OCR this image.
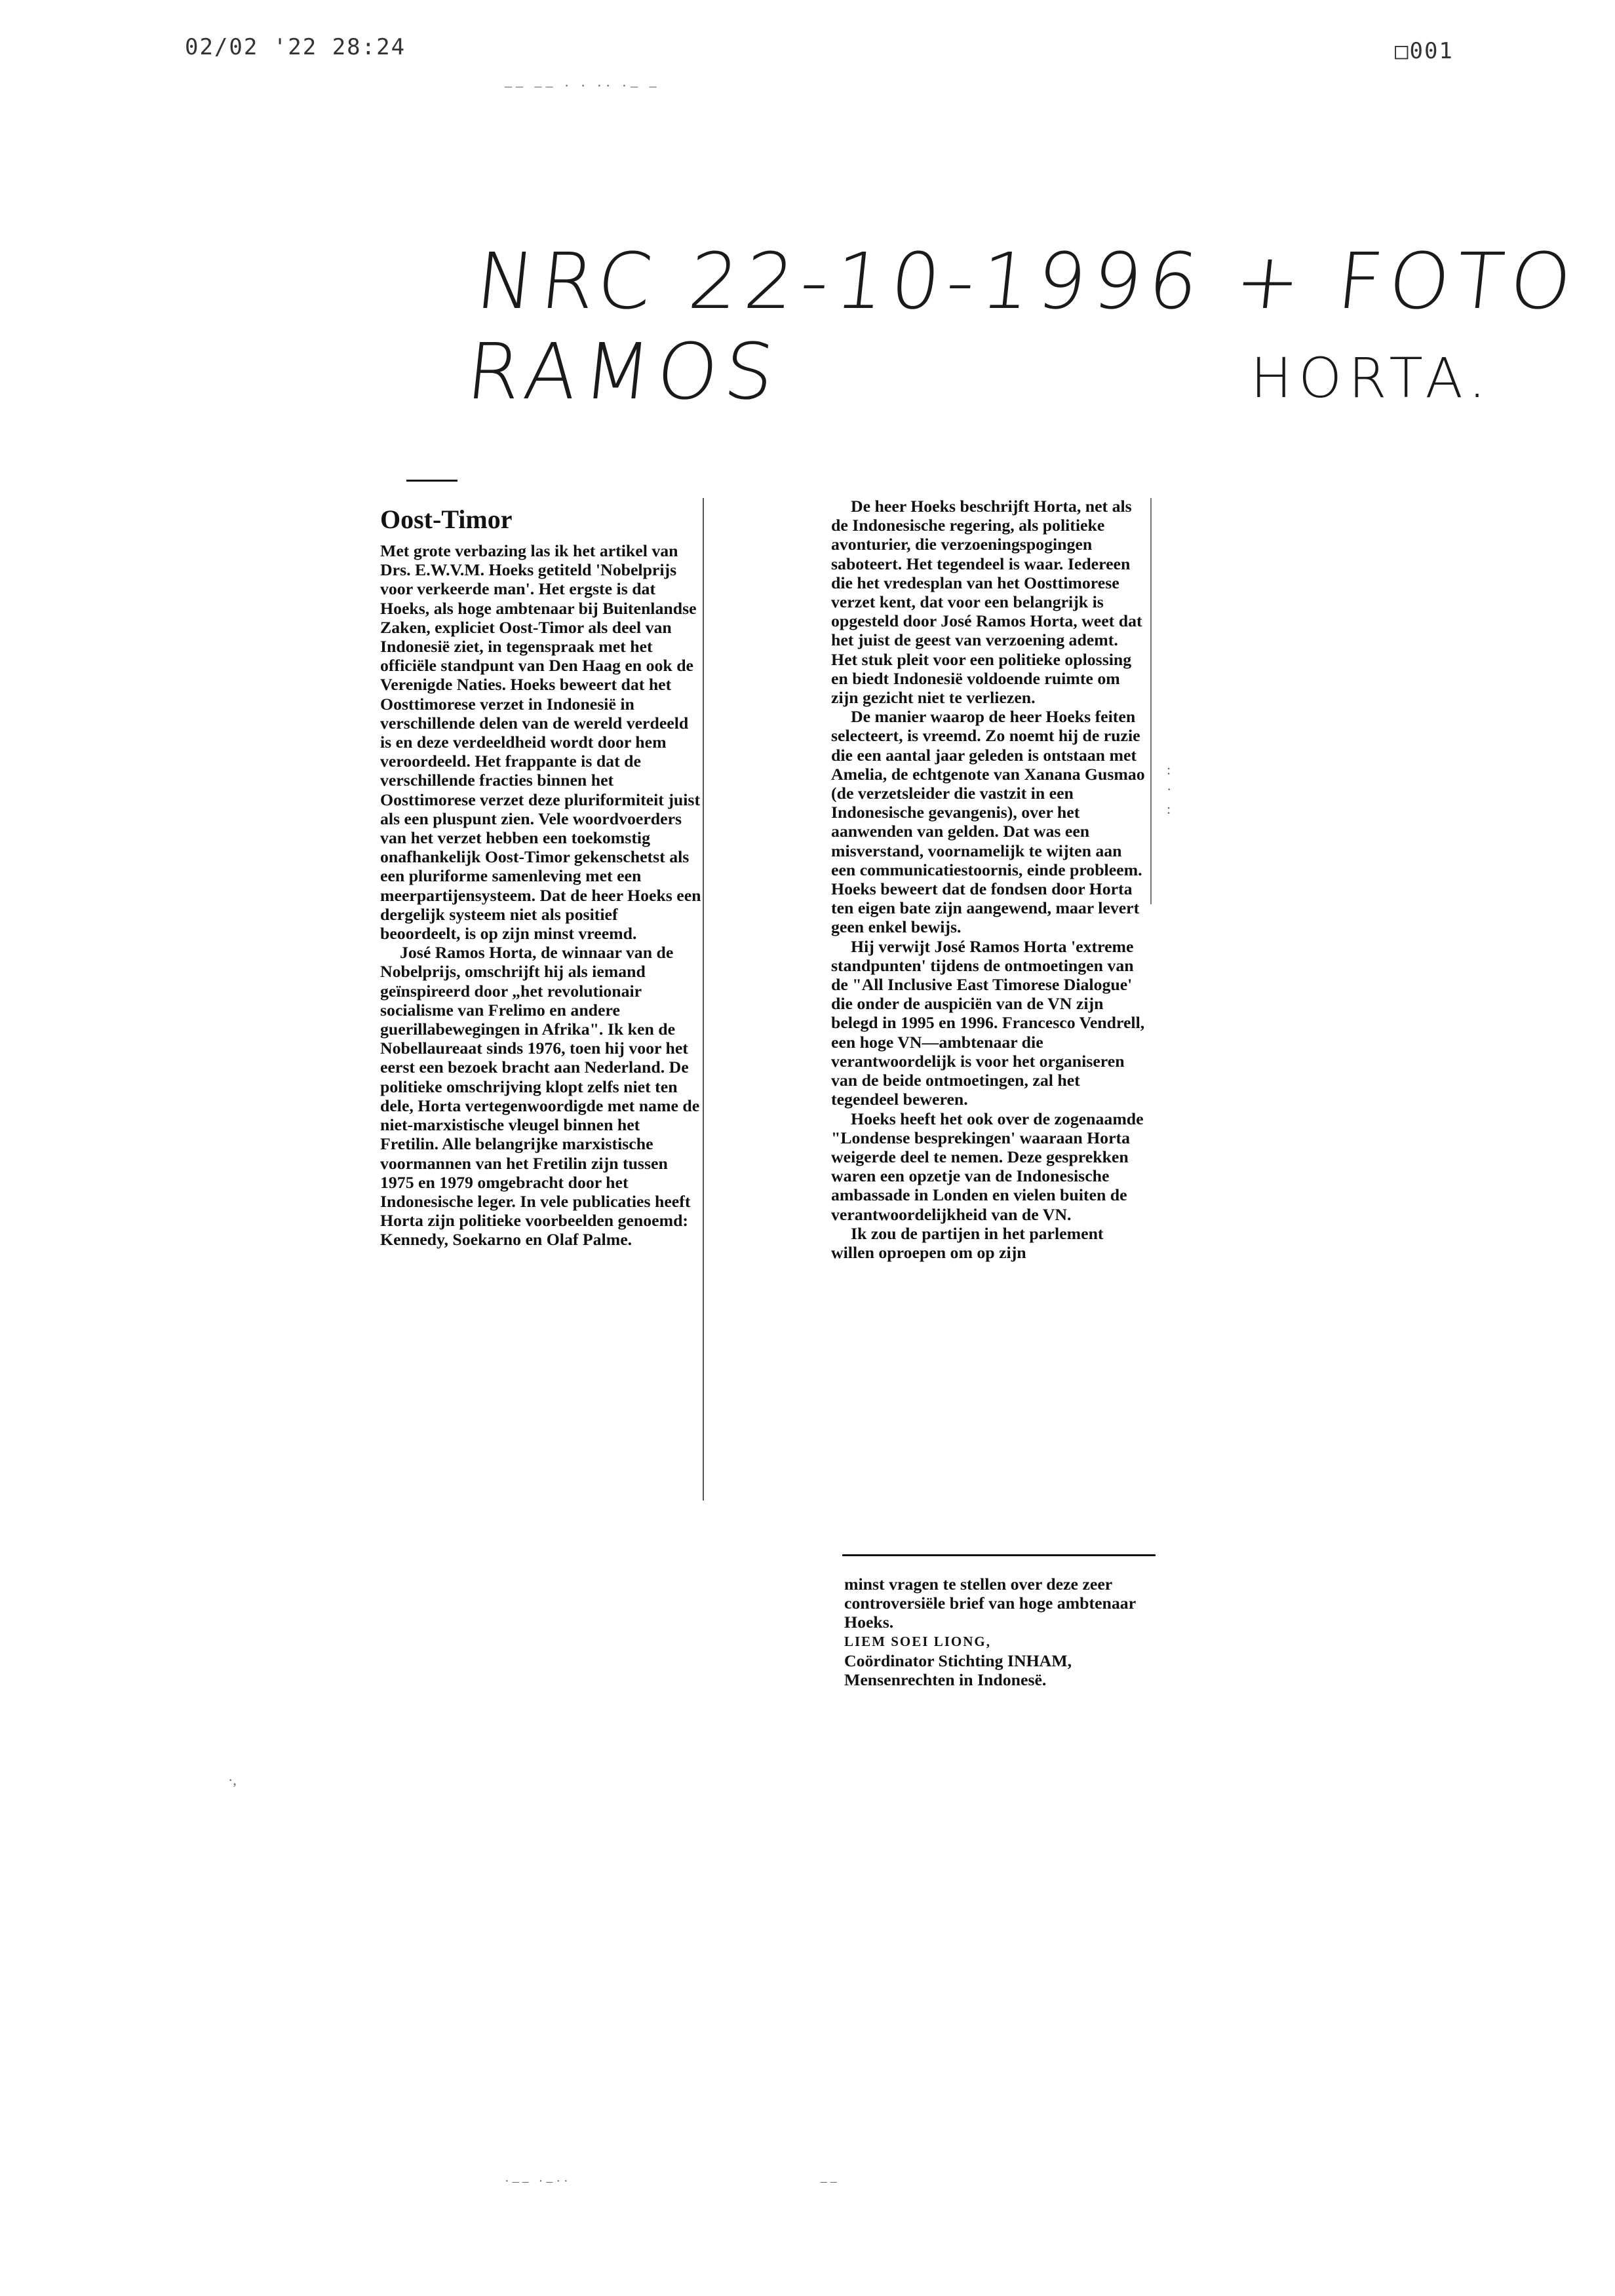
02/02 '22 28:24	□001
–– –– · · ·· ·– –
NRC 22-10-1996 + FOTO RAMOS	HORTA.
Oost-Timor

Met grote verbazing las ik het artikel van Drs. E.W.V.M. Hoeks getiteld 'Nobelprijs voor verkeerde man'. Het ergste is dat Hoeks, als hoge ambtenaar bij Buitenlandse Zaken, expliciet Oost-Timor als deel van Indonesië ziet, in tegenspraak met het officiële standpunt van Den Haag en ook de Verenigde Naties. Hoeks beweert dat het Oosttimorese verzet in Indonesië in verschillende delen van de wereld verdeeld is en deze verdeeldheid wordt door hem veroordeeld. Het frappante is dat de verschillende fracties binnen het Oosttimorese verzet deze pluriformiteit juist als een pluspunt zien. Vele woordvoerders van het verzet hebben een toekomstig onafhankelijk Oost-Timor gekenschetst als een pluriforme samenleving met een meerpartijensysteem. Dat de heer Hoeks een dergelijk systeem niet als positief beoordeelt, is op zijn minst vreemd.

José Ramos Horta, de winnaar van de Nobelprijs, omschrijft hij als iemand geïnspireerd door „het revolutionair socialisme van Frelimo en andere guerillabewegingen in Afrika". Ik ken de Nobellaureaat sinds 1976, toen hij voor het eerst een bezoek bracht aan Nederland. De politieke omschrijving klopt zelfs niet ten dele, Horta vertegenwoordigde met name de niet-marxistische vleugel binnen het Fretilin. Alle belangrijke marxistische voormannen van het Fretilin zijn tussen 1975 en 1979 omgebracht door het Indonesische leger. In vele publicaties heeft Horta zijn politieke voorbeelden genoemd: Kennedy, Soekarno en Olaf Palme.

De heer Hoeks beschrijft Horta, net als de Indonesische regering, als politieke avonturier, die verzoeningspogingen saboteert. Het tegendeel is waar. Iedereen die het vredesplan van het Oosttimorese verzet kent, dat voor een belangrijk is opgesteld door José Ramos Horta, weet dat het juist de geest van verzoening ademt. Het stuk pleit voor een politieke oplossing en biedt Indonesië voldoende ruimte om zijn gezicht niet te verliezen.

De manier waarop de heer Hoeks feiten selecteert, is vreemd. Zo noemt hij de ruzie die een aantal jaar geleden is ontstaan met Amelia, de echtgenote van Xanana Gusmao (de verzetsleider die vastzit in een Indonesische gevangenis), over het aanwenden van gelden. Dat was een misverstand, voornamelijk te wijten aan een communicatiestoornis, einde probleem. Hoeks beweert dat de fondsen door Horta ten eigen bate zijn aangewend, maar levert geen enkel bewijs.

Hij verwijt José Ramos Horta 'extreme standpunten' tijdens de ontmoetingen van de "All Inclusive East Timorese Dialogue' die onder de auspiciën van de VN zijn belegd in 1995 en 1996. Francesco Vendrell, een hoge VN—ambtenaar die verantwoordelijk is voor het organiseren van de beide ontmoetingen, zal het tegendeel beweren.

Hoeks heeft het ook over de zogenaamde "Londense besprekingen' waaraan Horta weigerde deel te nemen. Deze gesprekken waren een opzetje van de Indonesische ambassade in Londen en vielen buiten de verantwoordelijkheid van de VN.

Ik zou de partijen in het parlement willen oproepen om op zijn

minst vragen te stellen over deze zeer controversiële brief van hoge ambtenaar Hoeks.

LIEM SOEI LIONG,

Coördinator Stichting INHAM,

Mensenrechten in Indonesë.

:
·
:
·,
·–– ·–··                                      ––
